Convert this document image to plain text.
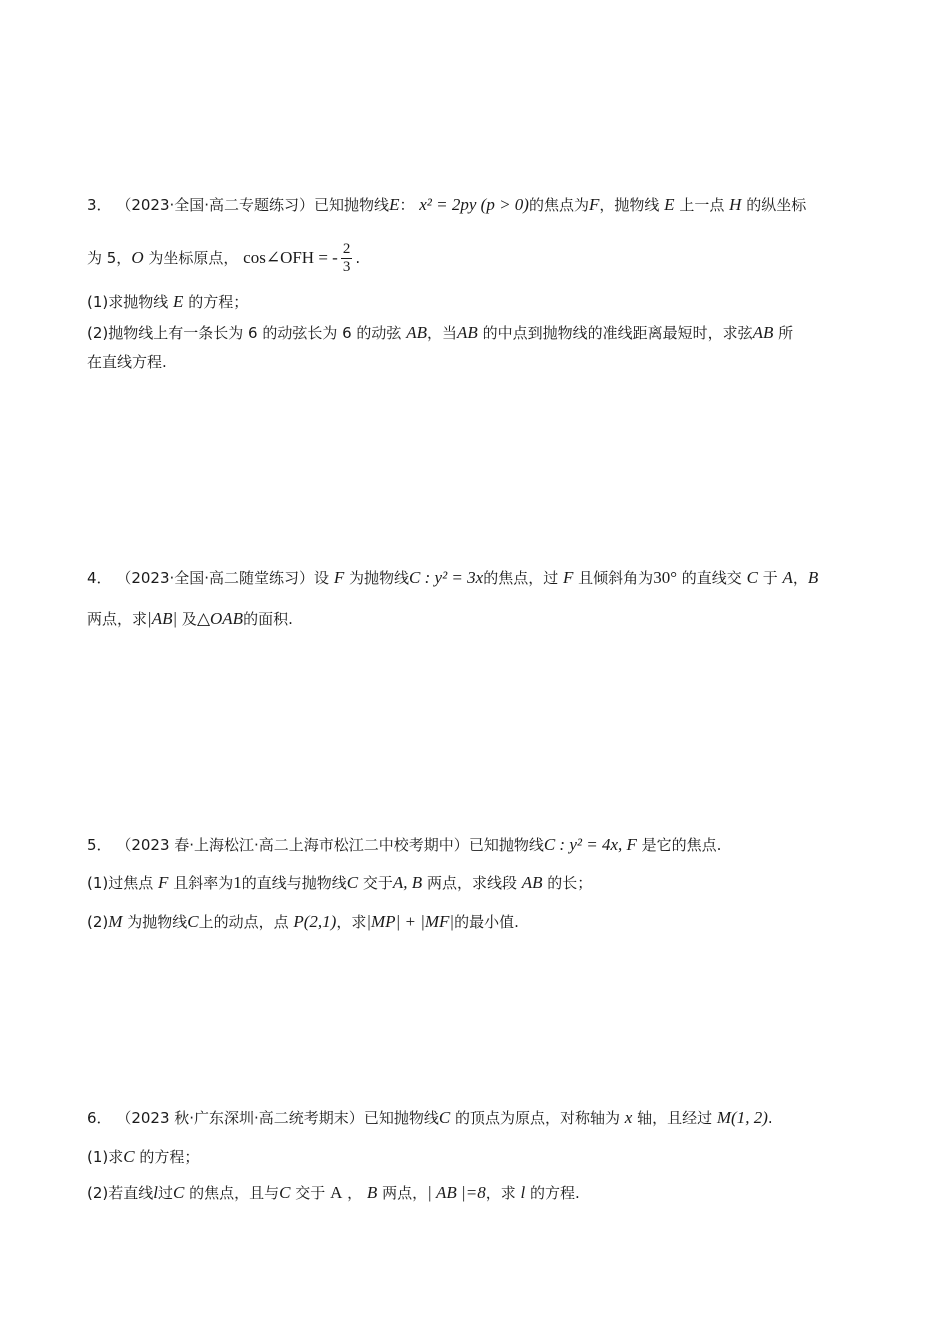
3． （2023·全国·高二专题练习）已知抛物线E： x² = 2py (p > 0)的焦点为F，抛物线 E 上一点 H 的纵坐标
为 5，O 为坐标原点， cos∠OFH = - $\frac{2}{3}$ .
(1)求抛物线 E 的方程；
(2)抛物线上有一条长为 6 的动弦长为 6 的动弦 AB，当AB 的中点到抛物线的准线距离最短时，求弦AB 所
在直线方程.
4． （2023·全国·高二随堂练习）设 F 为抛物线C : y² = 3x的焦点，过 F 且倾斜角为30° 的直线交 C 于 A，B
两点，求|AB| 及△OAB的面积.
5． （2023 春·上海松江·高二上海市松江二中校考期中）已知抛物线C : y² = 4x, F 是它的焦点.
(1)过焦点 F 且斜率为1的直线与抛物线C 交于A, B 两点，求线段 AB 的长；
(2)M 为抛物线C上的动点，点 P(2,1)，求|MP| + |MF|的最小值.
6． （2023 秋·广东深圳·高二统考期末）已知抛物线C 的顶点为原点，对称轴为 x 轴，且经过 M(1, 2).
(1)求C 的方程；
(2)若直线l过C 的焦点，且与C 交于 A ， B 两点，| AB |=8，求 l 的方程.
